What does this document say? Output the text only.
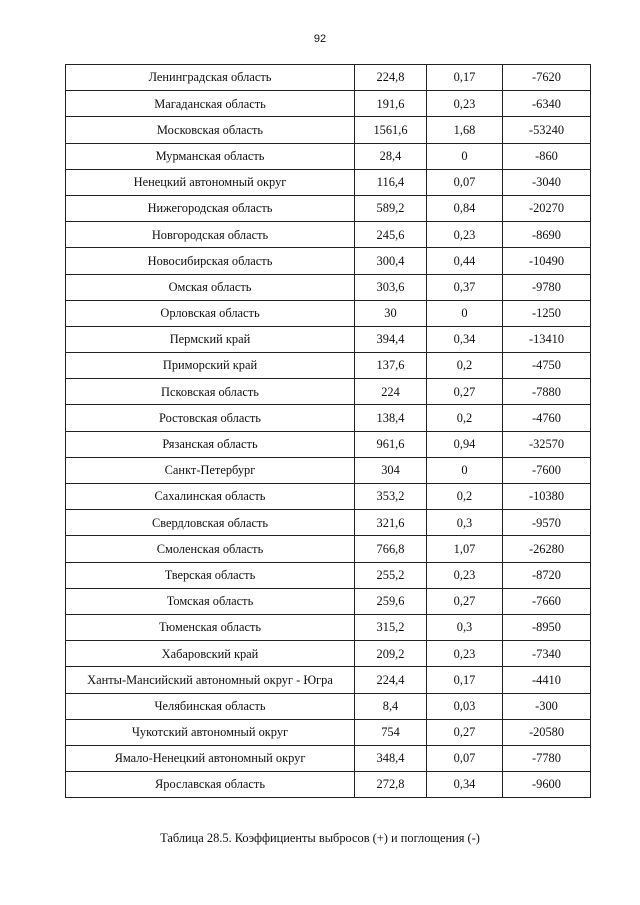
92
Ленинградская область	224,8	0,17	-7620
Магаданская область	191,6	0,23	-6340
Московская область	1561,6	1,68	-53240
Мурманская область	28,4	0	-860
Ненецкий автономный округ	116,4	0,07	-3040
Нижегородская область	589,2	0,84	-20270
Новгородская область	245,6	0,23	-8690
Новосибирская область	300,4	0,44	-10490
Омская область	303,6	0,37	-9780
Орловская область	30	0	-1250
Пермский край	394,4	0,34	-13410
Приморский край	137,6	0,2	-4750
Псковская область	224	0,27	-7880
Ростовская область	138,4	0,2	-4760
Рязанская область	961,6	0,94	-32570
Санкт-Петербург	304	0	-7600
Сахалинская область	353,2	0,2	-10380
Свердловская область	321,6	0,3	-9570
Смоленская область	766,8	1,07	-26280
Тверская область	255,2	0,23	-8720
Томская область	259,6	0,27	-7660
Тюменская область	315,2	0,3	-8950
Хабаровский край	209,2	0,23	-7340
Ханты-Мансийский автономный округ - Югра	224,4	0,17	-4410
Челябинская область	8,4	0,03	-300
Чукотский автономный округ	754	0,27	-20580
Ямало-Ненецкий автономный округ	348,4	0,07	-7780
Ярославская область	272,8	0,34	-9600
Таблица 28.5. Коэффициенты выбросов (+) и поглощения (-)
